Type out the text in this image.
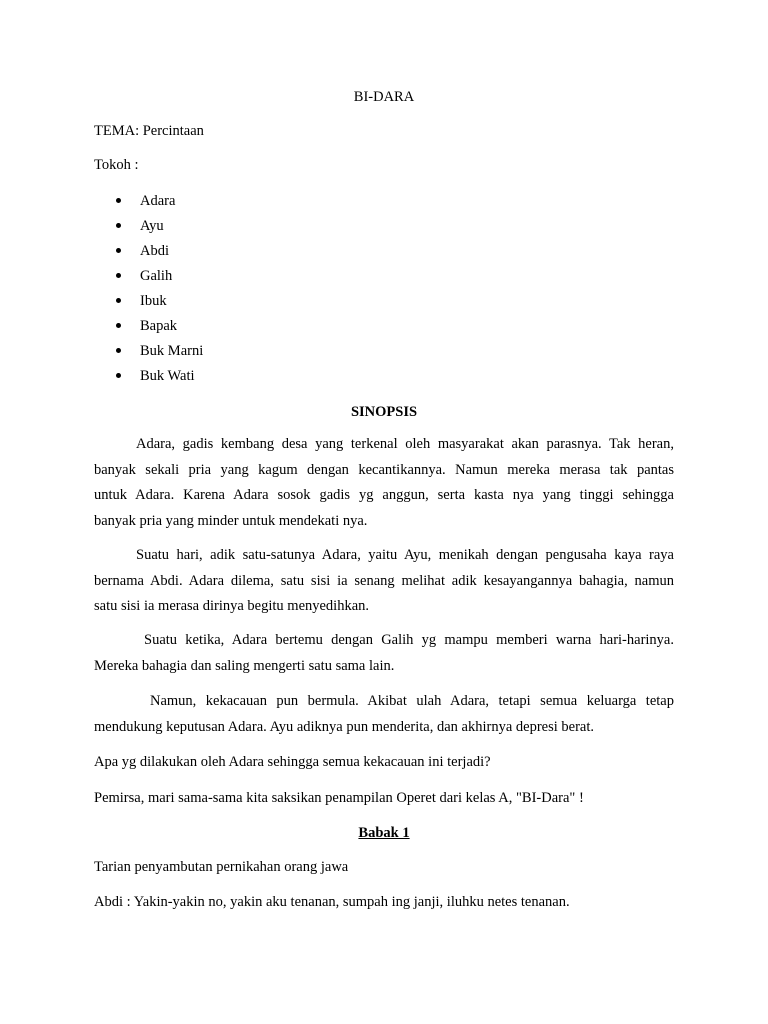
BI-DARA
TEMA: Percintaan
Tokoh :
Adara
Ayu
Abdi
Galih
Ibuk
Bapak
Buk Marni
Buk Wati
SINOPSIS
Adara, gadis kembang desa yang terkenal oleh masyarakat akan parasnya. Tak heran,
banyak sekali pria yang kagum dengan kecantikannya. Namun mereka merasa tak pantas
untuk Adara. Karena Adara sosok gadis yg anggun, serta kasta nya yang tinggi sehingga
banyak pria yang minder untuk mendekati nya.
Suatu hari, adik satu-satunya Adara, yaitu Ayu, menikah dengan pengusaha kaya raya
bernama Abdi. Adara dilema, satu sisi ia senang melihat adik kesayangannya bahagia, namun
satu sisi ia merasa dirinya begitu menyedihkan.
Suatu ketika, Adara bertemu dengan Galih yg mampu memberi warna hari-harinya.
Mereka bahagia dan saling mengerti satu sama lain.
Namun, kekacauan pun bermula. Akibat ulah Adara, tetapi semua keluarga tetap
mendukung keputusan Adara. Ayu adiknya pun menderita, dan akhirnya depresi berat.
Apa yg dilakukan oleh Adara sehingga semua kekacauan ini terjadi?
Pemirsa, mari sama-sama kita saksikan penampilan Operet dari kelas A, "BI-Dara" !
Babak 1
Tarian penyambutan pernikahan orang jawa
Abdi : Yakin-yakin no, yakin aku tenanan, sumpah ing janji, iluhku netes tenanan.
